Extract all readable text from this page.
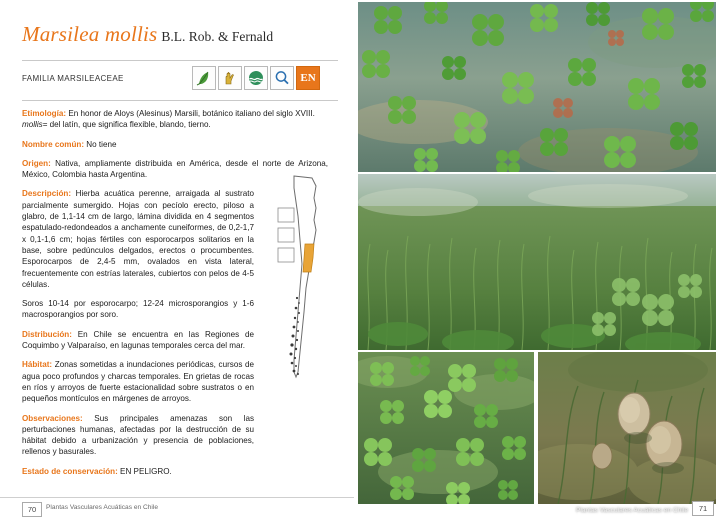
Marsilea mollis B.L. Rob. & Fernald
FAMILIA MARSILEACEAE	EN
Etimología: En honor de Aloys (Alesinus) Marsili, botánico italiano del siglo XVIII.
mollis= del latín, que significa flexible, blando, tierno.
Nombre común: No tiene
Origen: Nativa, ampliamente distribuida en América, desde el norte de Arizona, México, Colombia hasta Argentina.
Descripción: Hierba acuática perenne, arraigada al sustrato parcialmente sumergido. Hojas con pecíolo erecto, piloso a glabro, de 1,1-14 cm de largo, lámina dividida en 4 segmentos espatulado-redondeados a anchamente cuneiformes, de 0,2-1,7 x 0,1-1,6 cm; hojas fértiles con esporocarpos solitarios en la base, sobre pedúnculos delgados, erectos o procumbentes. Esporocarpos de 2,4-5 mm, ovalados en vista lateral, frecuentemente con estrías laterales, cubiertos con pelos de 4-5 células.
Soros 10-14 por esporocarpo; 12-24 microsporangios y 1-6 macrosporangios por soro.
Distribución: En Chile se encuentra en las Regiones de Coquimbo y Valparaíso, en lagunas temporales cerca del mar.
Hábitat: Zonas sometidas a inundaciones periódicas, cursos de agua poco profundos y charcas temporales. En grietas de rocas en ríos y arroyos de fuerte estacionalidad sobre sustratos o en pequeños montículos en márgenes de arroyos.
Observaciones: Sus principales amenazas son las perturbaciones humanas, afectadas por la destrucción de su hábitat debido a urbanización y presencia de poblaciones, rellenos y basurales.
Estado de conservación: EN PELIGRO.
70	Plantas Vasculares Acuáticas en Chile	Plantas Vasculares Acuáticas en Chile	71
